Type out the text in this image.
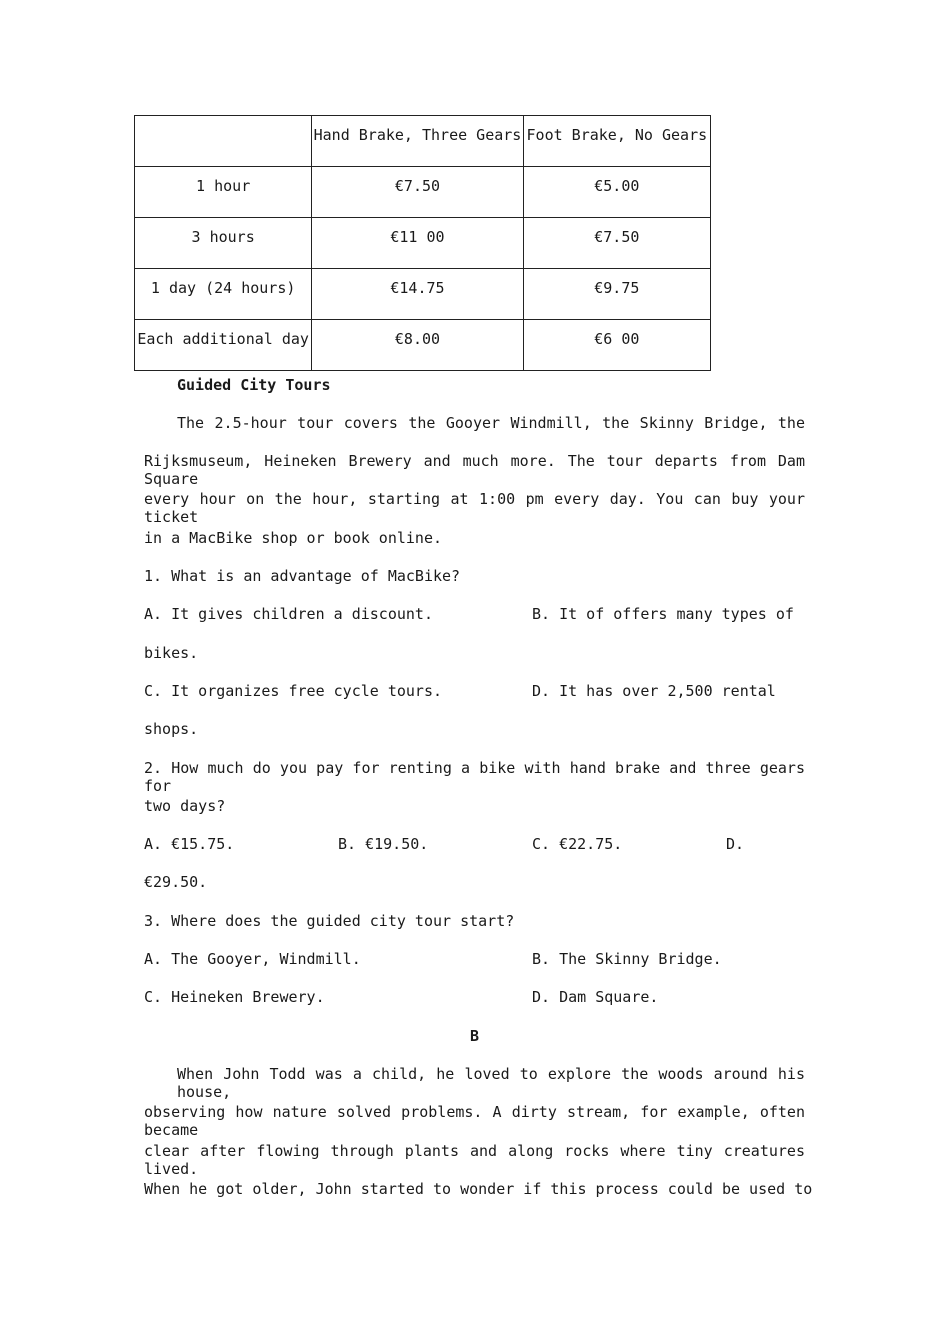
	Hand Brake, Three Gears	Foot Brake, No Gears

1 hour	€7.50	€5.00

3 hours	€11 00	€7.50

1 day (24 hours)	€14.75	€9.75

Each additional day	€8.00	€6 00
Guided City Tours
The 2.5-hour tour covers the Gooyer Windmill, the Skinny Bridge, the
Rijksmuseum, Heineken Brewery and much more. The tour departs from Dam Square
every hour on the hour, starting at 1:00 pm every day. You can buy your ticket
in a MacBike shop or book online.
1. What is an advantage of MacBike?
A. It gives children a discount.	B. It of offers many types of
bikes.
C. It organizes free cycle tours.	D. It has over 2,500 rental
shops.
2. How much do you pay for renting a bike with hand brake and three gears for
two days?
A. €15.75.	B. €19.50.	C. €22.75.	D.
€29.50.
3. Where does the guided city tour start?
A. The Gooyer, Windmill.	B. The Skinny Bridge.
C. Heineken Brewery.	D. Dam Square.
B
When John Todd was a child, he loved to explore the woods around his house,
observing how nature solved problems. A dirty stream, for example, often became
clear after flowing through plants and along rocks where tiny creatures lived.
When he got older, John started to wonder if this process could be used to
